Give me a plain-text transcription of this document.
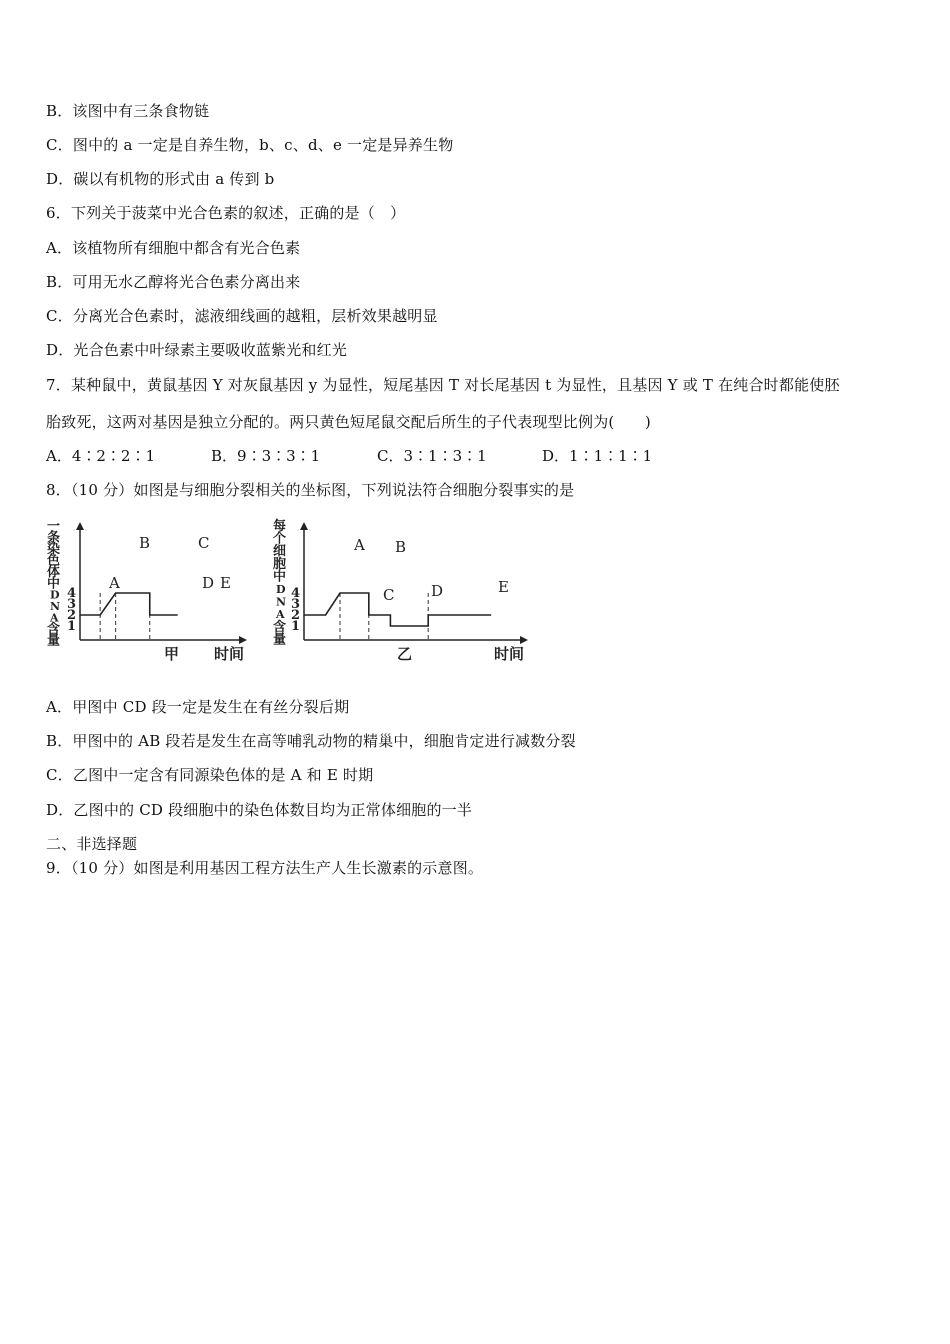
B．该图中有三条食物链
C．图中的 a 一定是自养生物，b、c、d、e 一定是异养生物
D．碳以有机物的形式由 a 传到 b
6．下列关于菠菜中光合色素的叙述，正确的是（　）
A．该植物所有细胞中都含有光合色素
B．可用无水乙醇将光合色素分离出来
C．分离光合色素时，滤液细线画的越粗，层析效果越明显
D．光合色素中叶绿素主要吸收蓝紫光和红光
7．某种鼠中，黄鼠基因 Y 对灰鼠基因 y 为显性，短尾基因 T 对长尾基因 t 为显性，且基因 Y 或 T 在纯合时都能使胚
胎致死，这两对基因是独立分配的。两只黄色短尾鼠交配后所生的子代表现型比例为(　　)
A．4∶2∶2∶1	B．9∶3∶3∶1	C．3∶1∶3∶1	D．1∶1∶1∶1
8．（10 分）如图是与细胞分裂相关的坐标图，下列说法符合细胞分裂事实的是
1
2
3
4
一
条
染
色
体
中
D
N
A
含
量
A
B	C
D E
甲 时间
1
2
3
4
每
个
细
胞
中
D
N
A
含
量
A B
C D	E
乙	时间
A．甲图中 CD 段一定是发生在有丝分裂后期
B．甲图中的 AB 段若是发生在高等哺乳动物的精巢中，细胞肯定进行减数分裂
C．乙图中一定含有同源染色体的是 A 和 E 时期
D．乙图中的 CD 段细胞中的染色体数目均为正常体细胞的一半
二、非选择题
9．（10 分）如图是利用基因工程方法生产人生长激素的示意图。
